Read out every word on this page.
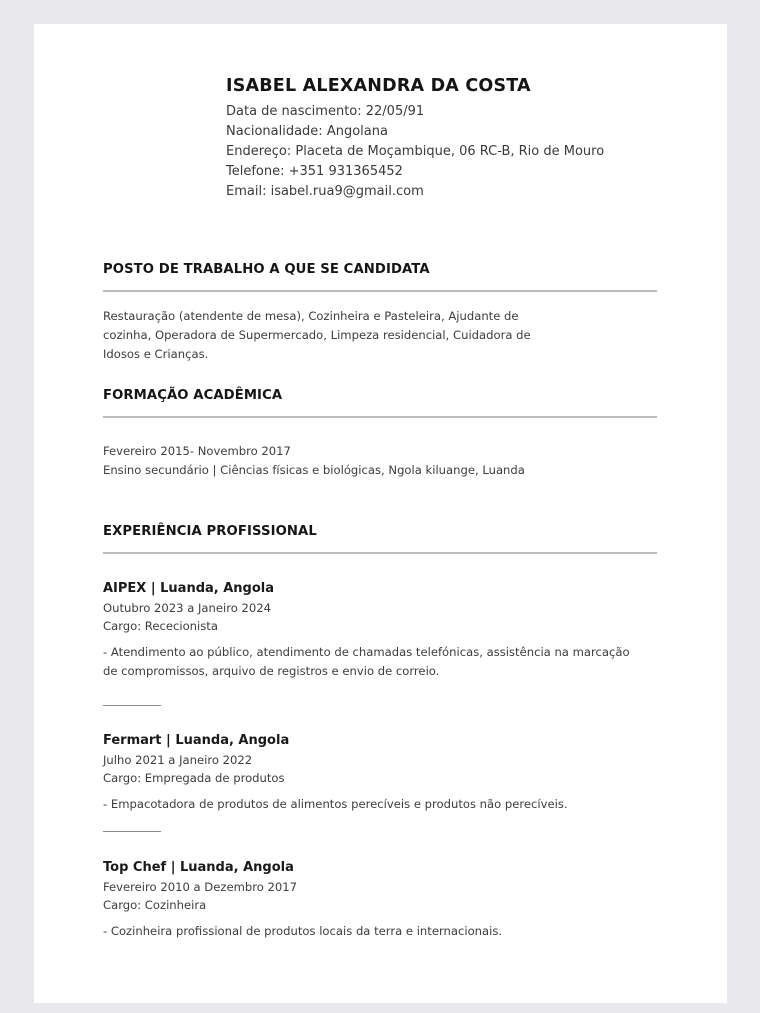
ISABEL ALEXANDRA DA COSTA
Data de nascimento: 22/05/91
Nacionalidade: Angolana
Endereço: Placeta de Moçambique, 06 RC-B, Rio de Mouro
Telefone: +351 931365452
Email: isabel.rua9@gmail.com
POSTO DE TRABALHO A QUE SE CANDIDATA
Restauração (atendente de mesa), Cozinheira e Pasteleira, Ajudante de
cozinha, Operadora de Supermercado, Limpeza residencial, Cuidadora de
Idosos e Crianças.
FORMAÇÃO ACADÊMICA
Fevereiro 2015- Novembro 2017
Ensino secundário | Ciências físicas e biológicas, Ngola kiluange, Luanda
EXPERIÊNCIA PROFISSIONAL
AIPEX | Luanda, Angola
Outubro 2023 a Janeiro 2024
Cargo: Rececionista
- Atendimento ao público, atendimento de chamadas telefónicas, assistência na marcação
de compromissos, arquivo de registros e envio de correio.
Fermart | Luanda, Angola
Julho 2021 a Janeiro 2022
Cargo: Empregada de produtos
- Empacotadora de produtos de alimentos perecíveis e produtos não perecíveis.
Top Chef | Luanda, Angola
Fevereiro 2010 a Dezembro 2017
Cargo: Cozinheira
- Cozinheira profissional de produtos locais da terra e internacionais.
